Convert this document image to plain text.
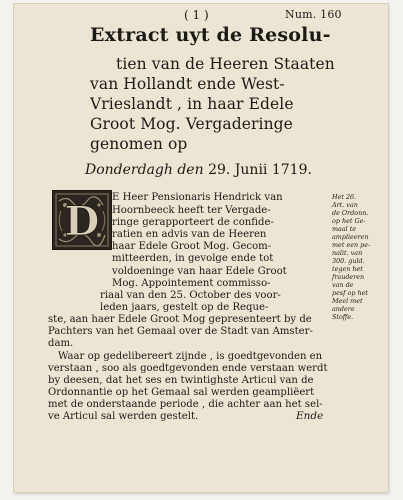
( 1 )	Num. 160
Extract uyt de Resolu-
tien van de Heeren Staaten
van Hollandt ende West-
Vrieslandt , in haar Edele
Groot Mog. Vergaderinge
genomen op
Donderdagh den 29. Junii 1719.
D
E Heer Pensionaris Hendrick van
Hoornbeeck heeft ter Vergade-
ringe gerapporteert de confide-
ratien en advis van de Heeren
haar Edele Groot Mog. Gecom-
mitteerden, in gevolge ende tot
voldoeninge van haar Edele Groot
Mog. Appointement commisso-
riaal van den 25. October des voor-
leden jaars, gestelt op de Reque-
ste, aan haer Edele Groot Mog gepresenteert by de
Pachters van het Gemaal over de Stadt van Amster-
dam.
Waar op gedelibereert zijnde , is goedtgevonden en
verstaan , soo als goedtgevonden ende verstaan werdt
by deesen, dat het ses en twintighste Articul van de
Ordonnantie op het Gemaal sal werden geampliëert
met de onderstaande periode , die achter aan het sel-
ve Articul sal werden gestelt.
Het 26.
Art. van
de Ordonn.
op het Ge-
maal te
amplieeren
met een pe-
nalit. van
300. guld.
tegen het
frauderen
van de
pesf op het
Meel met
andere
Stoffe.
Ende
